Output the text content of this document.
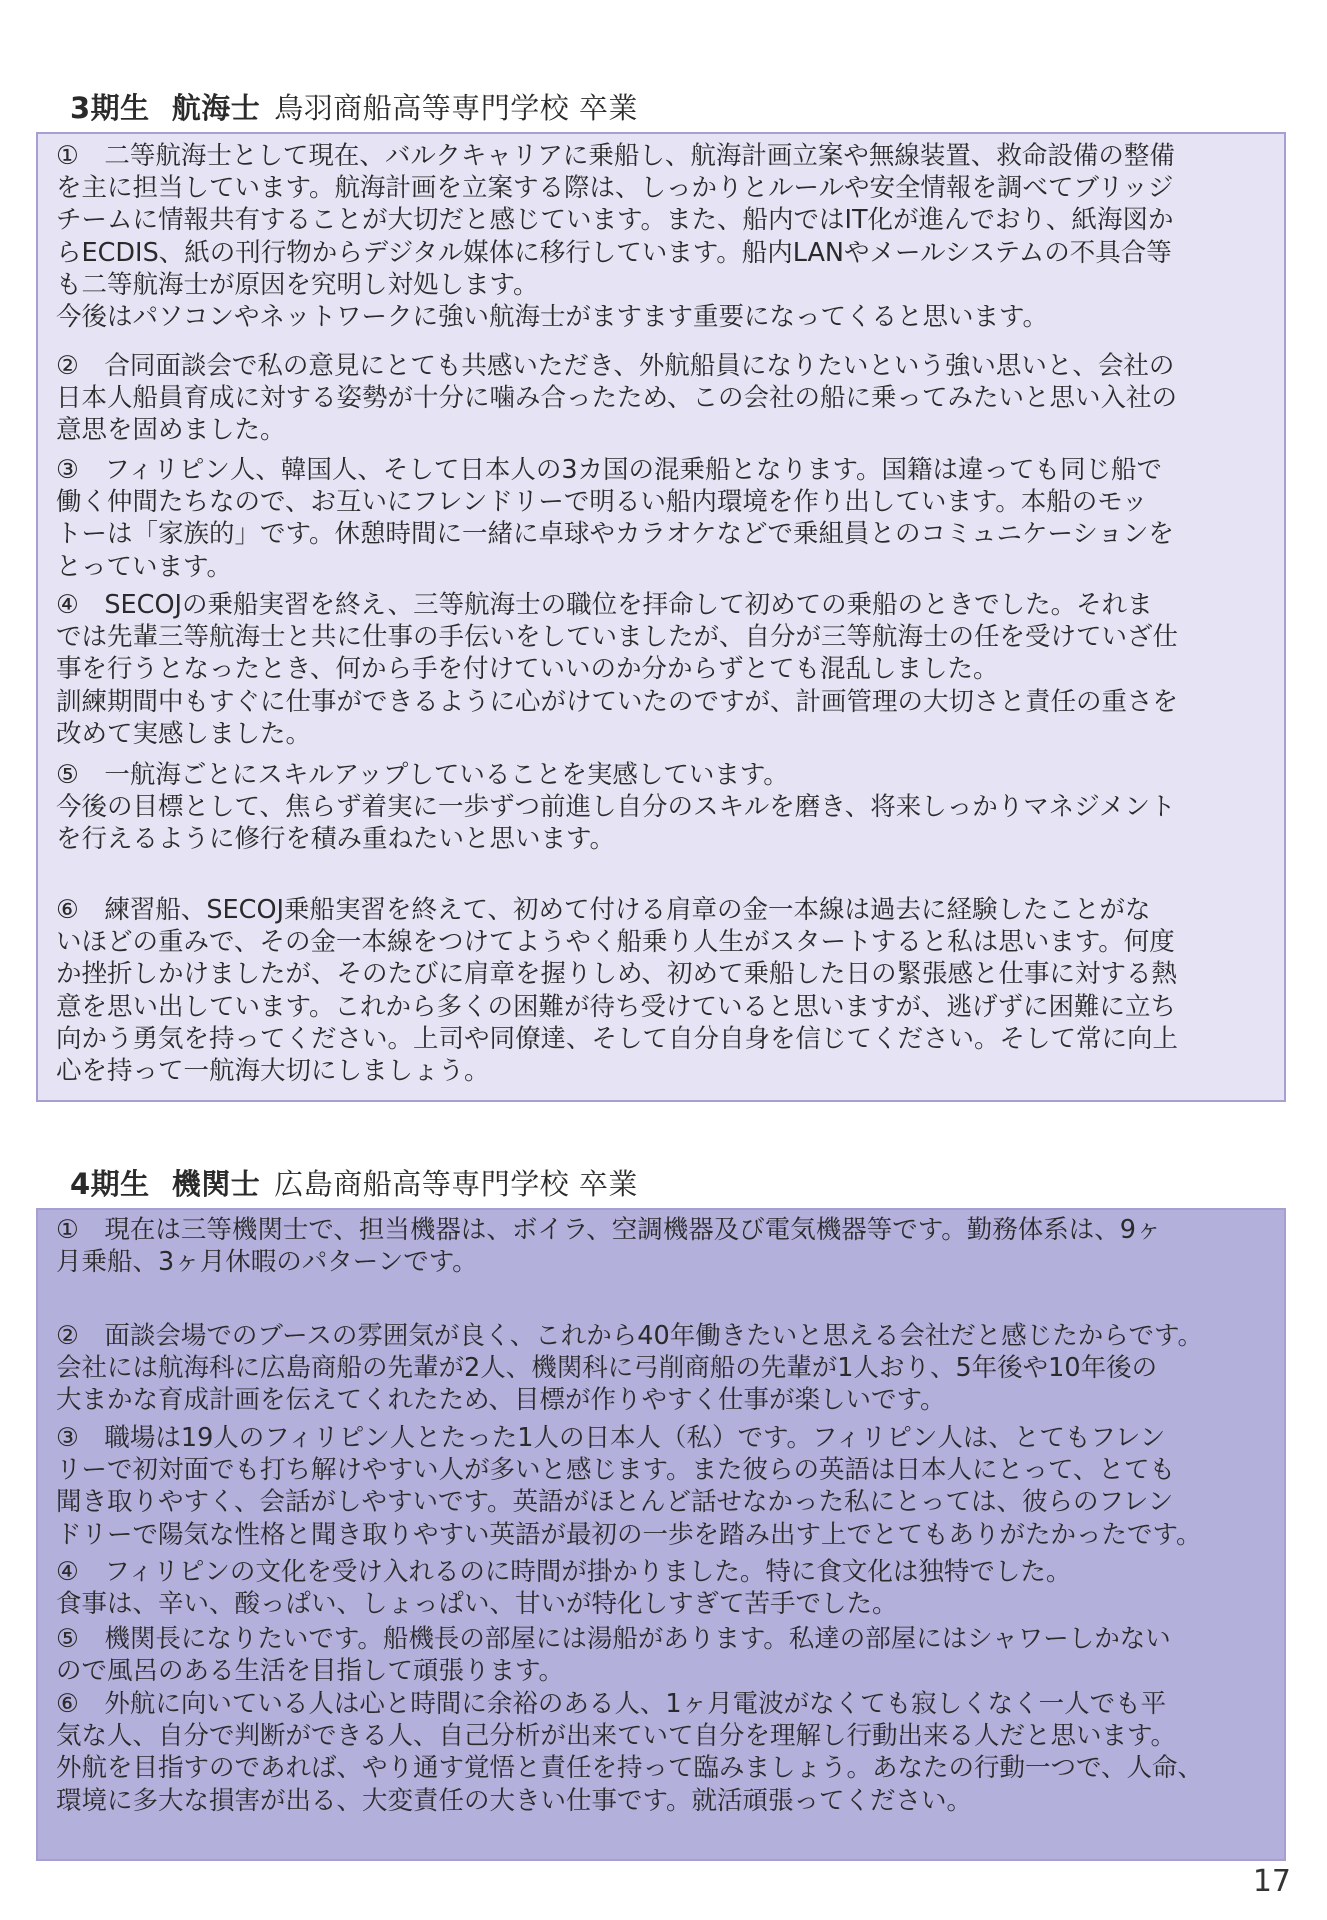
3期生 航海士 鳥羽商船高等専門学校 卒業
①　二等航海士として現在、バルクキャリアに乗船し、航海計画立案や無線装置、救命設備の整備
を主に担当しています。航海計画を立案する際は、しっかりとルールや安全情報を調べてブリッジ
チームに情報共有することが大切だと感じています。また、船内ではIT化が進んでおり、紙海図か
らECDIS、紙の刊行物からデジタル媒体に移行しています。船内LANやメールシステムの不具合等
も二等航海士が原因を究明し対処します。
今後はパソコンやネットワークに強い航海士がますます重要になってくると思います。
②　合同面談会で私の意見にとても共感いただき、外航船員になりたいという強い思いと、会社の
日本人船員育成に対する姿勢が十分に噛み合ったため、この会社の船に乗ってみたいと思い入社の
意思を固めました。
③　フィリピン人、韓国人、そして日本人の3カ国の混乗船となります。国籍は違っても同じ船で
働く仲間たちなので、お互いにフレンドリーで明るい船内環境を作り出しています。本船のモッ
トーは「家族的」です。休憩時間に一緒に卓球やカラオケなどで乗組員とのコミュニケーションを
とっています。
④　SECOJの乗船実習を終え、三等航海士の職位を拝命して初めての乗船のときでした。それま
では先輩三等航海士と共に仕事の手伝いをしていましたが、自分が三等航海士の任を受けていざ仕
事を行うとなったとき、何から手を付けていいのか分からずとても混乱しました。
訓練期間中もすぐに仕事ができるように心がけていたのですが、計画管理の大切さと責任の重さを
改めて実感しました。
⑤　一航海ごとにスキルアップしていることを実感しています。
今後の目標として、焦らず着実に一歩ずつ前進し自分のスキルを磨き、将来しっかりマネジメント
を行えるように修行を積み重ねたいと思います。
⑥　練習船、SECOJ乗船実習を終えて、初めて付ける肩章の金一本線は過去に経験したことがな
いほどの重みで、その金一本線をつけてようやく船乗り人生がスタートすると私は思います。何度
か挫折しかけましたが、そのたびに肩章を握りしめ、初めて乗船した日の緊張感と仕事に対する熱
意を思い出しています。これから多くの困難が待ち受けていると思いますが、逃げずに困難に立ち
向かう勇気を持ってください。上司や同僚達、そして自分自身を信じてください。そして常に向上
心を持って一航海大切にしましょう。
4期生 機関士 広島商船高等専門学校 卒業
①　現在は三等機関士で、担当機器は、ボイラ、空調機器及び電気機器等です。勤務体系は、9ヶ
月乗船、3ヶ月休暇のパターンです。
②　面談会場でのブースの雰囲気が良く、これから40年働きたいと思える会社だと感じたからです。
会社には航海科に広島商船の先輩が2人、機関科に弓削商船の先輩が1人おり、5年後や10年後の
大まかな育成計画を伝えてくれたため、目標が作りやすく仕事が楽しいです。
③　職場は19人のフィリピン人とたった1人の日本人（私）です。フィリピン人は、とてもフレン
リーで初対面でも打ち解けやすい人が多いと感じます。また彼らの英語は日本人にとって、とても
聞き取りやすく、会話がしやすいです。英語がほとんど話せなかった私にとっては、彼らのフレン
ドリーで陽気な性格と聞き取りやすい英語が最初の一歩を踏み出す上でとてもありがたかったです。
④　フィリピンの文化を受け入れるのに時間が掛かりました。特に食文化は独特でした。
食事は、辛い、酸っぱい、しょっぱい、甘いが特化しすぎて苦手でした。
⑤　機関長になりたいです。船機長の部屋には湯船があります。私達の部屋にはシャワーしかない
ので風呂のある生活を目指して頑張ります。
⑥　外航に向いている人は心と時間に余裕のある人、1ヶ月電波がなくても寂しくなく一人でも平
気な人、自分で判断ができる人、自己分析が出来ていて自分を理解し行動出来る人だと思います。
外航を目指すのであれば、やり通す覚悟と責任を持って臨みましょう。あなたの行動一つで、人命、
環境に多大な損害が出る、大変責任の大きい仕事です。就活頑張ってください。
17
